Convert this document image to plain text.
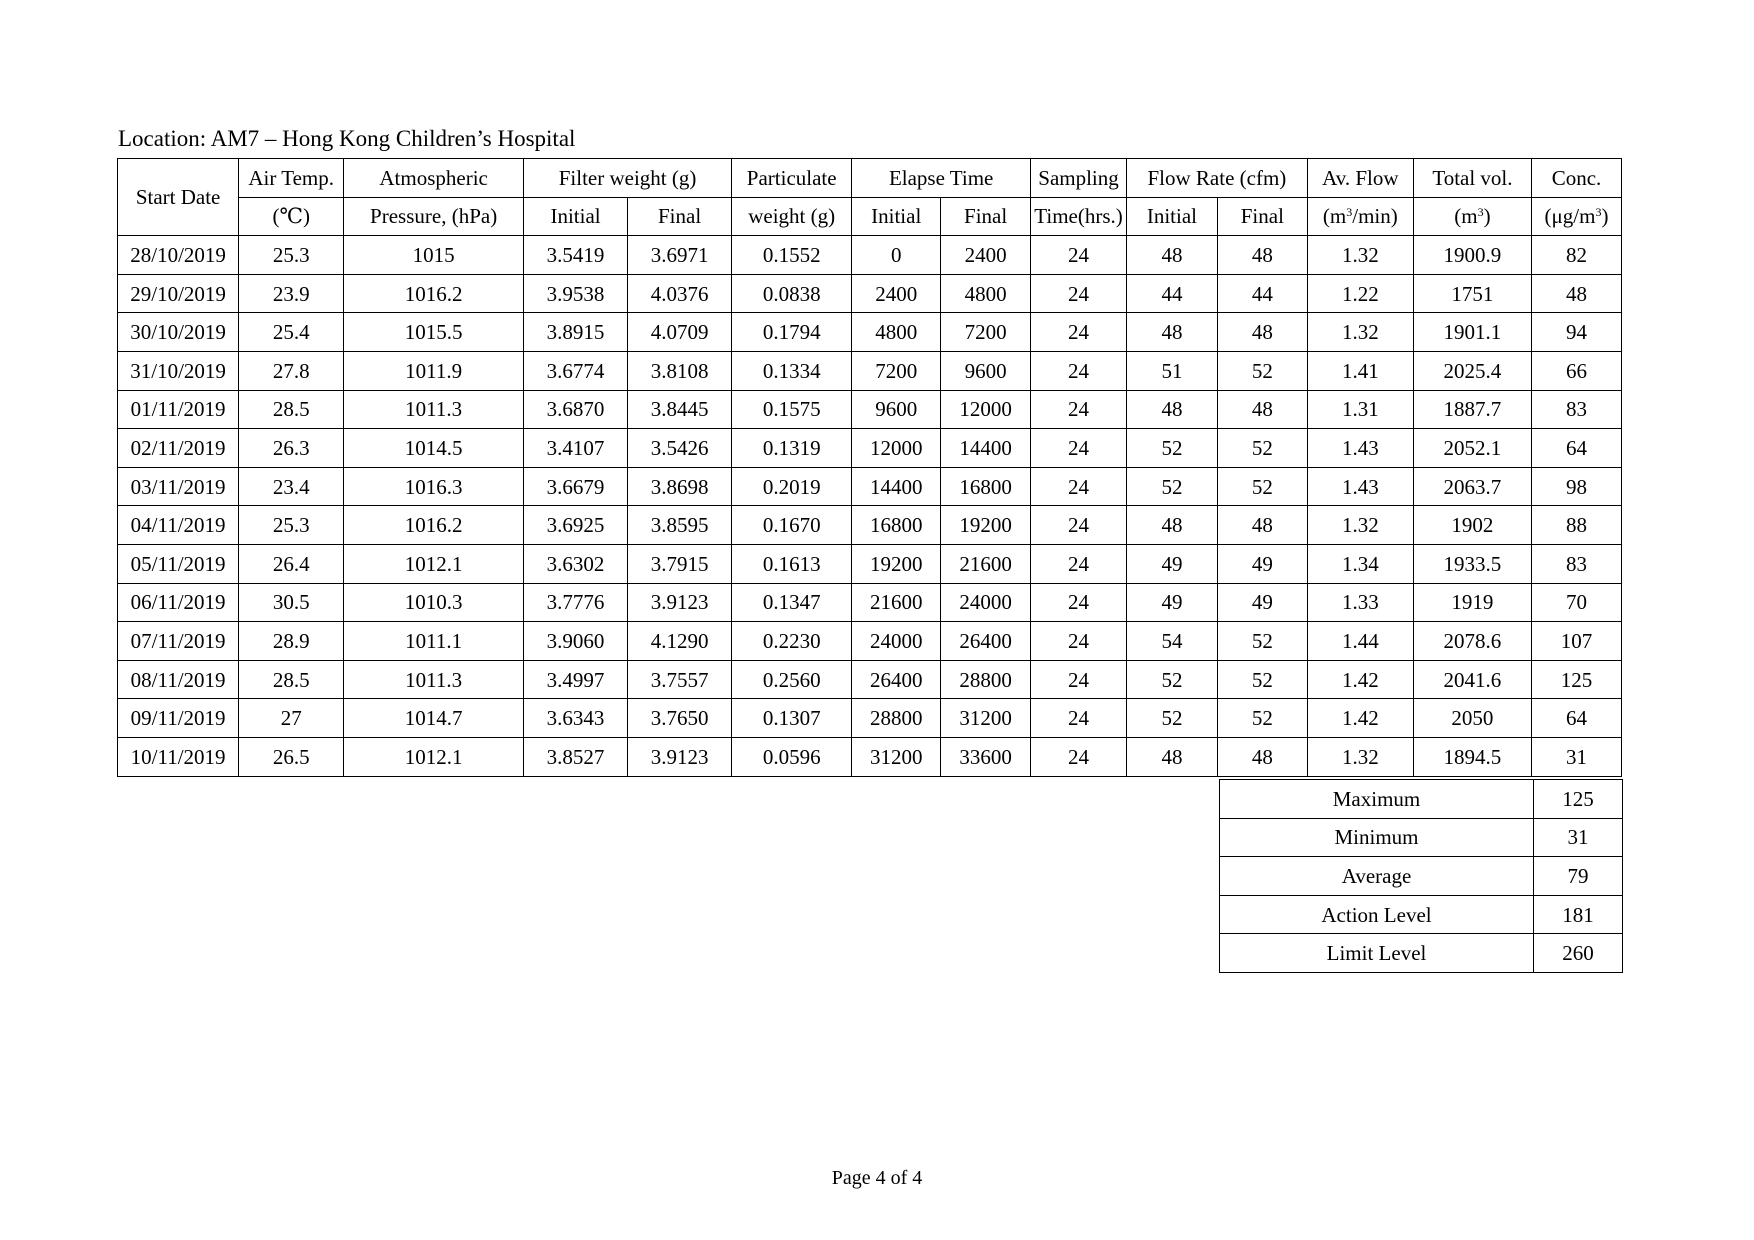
Location: AM7 – Hong Kong Children’s Hospital
Start Date	Air Temp.	Atmospheric	Filter weight (g)		Particulate	Elapse Time		Sampling	Flow Rate (cfm)		Av. Flow	Total vol.	Conc.
	(℃)	Pressure, (hPa)	Initial	Final	weight (g)	Initial	Final	Time(hrs.)	Initial	Final	$(m^3/\min)$	$(m^3)$	$(\mu g/m^3)$
28/10/2019	25.3	1015	3.5419	3.6971	0.1552	0	2400	24	48	48	1.32	1900.9	82
29/10/2019	23.9	1016.2	3.9538	4.0376	0.0838	2400	4800	24	44	44	1.22	1751	48
30/10/2019	25.4	1015.5	3.8915	4.0709	0.1794	4800	7200	24	48	48	1.32	1901.1	94
31/10/2019	27.8	1011.9	3.6774	3.8108	0.1334	7200	9600	24	51	52	1.41	2025.4	66
01/11/2019	28.5	1011.3	3.6870	3.8445	0.1575	9600	12000	24	48	48	1.31	1887.7	83
02/11/2019	26.3	1014.5	3.4107	3.5426	0.1319	12000	14400	24	52	52	1.43	2052.1	64
03/11/2019	23.4	1016.3	3.6679	3.8698	0.2019	14400	16800	24	52	52	1.43	2063.7	98
04/11/2019	25.3	1016.2	3.6925	3.8595	0.1670	16800	19200	24	48	48	1.32	1902	88
05/11/2019	26.4	1012.1	3.6302	3.7915	0.1613	19200	21600	24	49	49	1.34	1933.5	83
06/11/2019	30.5	1010.3	3.7776	3.9123	0.1347	21600	24000	24	49	49	1.33	1919	70
07/11/2019	28.9	1011.1	3.9060	4.1290	0.2230	24000	26400	24	54	52	1.44	2078.6	107
08/11/2019	28.5	1011.3	3.4997	3.7557	0.2560	26400	28800	24	52	52	1.42	2041.6	125
09/11/2019	27	1014.7	3.6343	3.7650	0.1307	28800	31200	24	52	52	1.42	2050	64
10/11/2019	26.5	1012.1	3.8527	3.9123	0.0596	31200	33600	24	48	48	1.32	1894.5	31
Maximum	125
Minimum	31
Average	79
Action Level	181
Limit Level	260
Page 4 of 4
